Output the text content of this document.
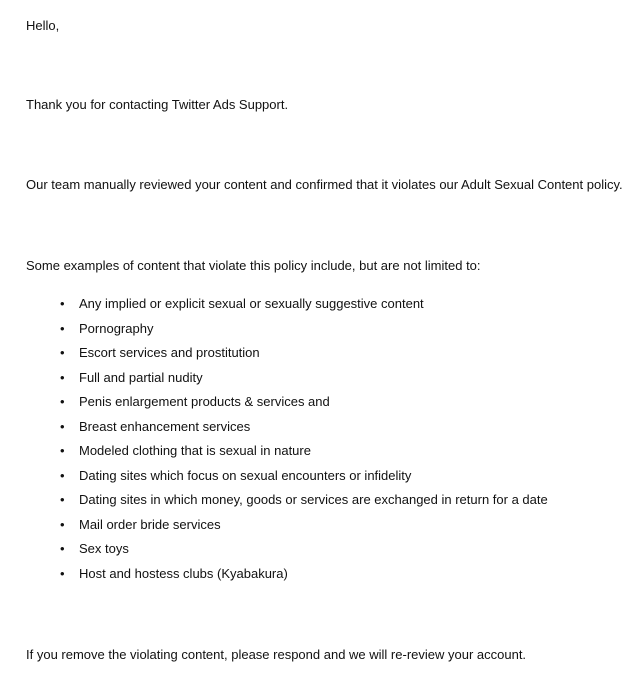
Hello,

Thank you for contacting Twitter Ads Support.

Our team manually reviewed your content and confirmed that it violates our Adult Sexual Content policy.

Some examples of content that violate this policy include, but are not limited to:

•	Any implied or explicit sexual or sexually suggestive content
•	Pornography
•	Escort services and prostitution
•	Full and partial nudity
•	Penis enlargement products & services and
•	Breast enhancement services
•	Modeled clothing that is sexual in nature
•	Dating sites which focus on sexual encounters or infidelity
•	Dating sites in which money, goods or services are exchanged in return for a date
•	Mail order bride services
•	Sex toys
•	Host and hostess clubs (Kyabakura)

If you remove the violating content, please respond and we will re-review your account.
